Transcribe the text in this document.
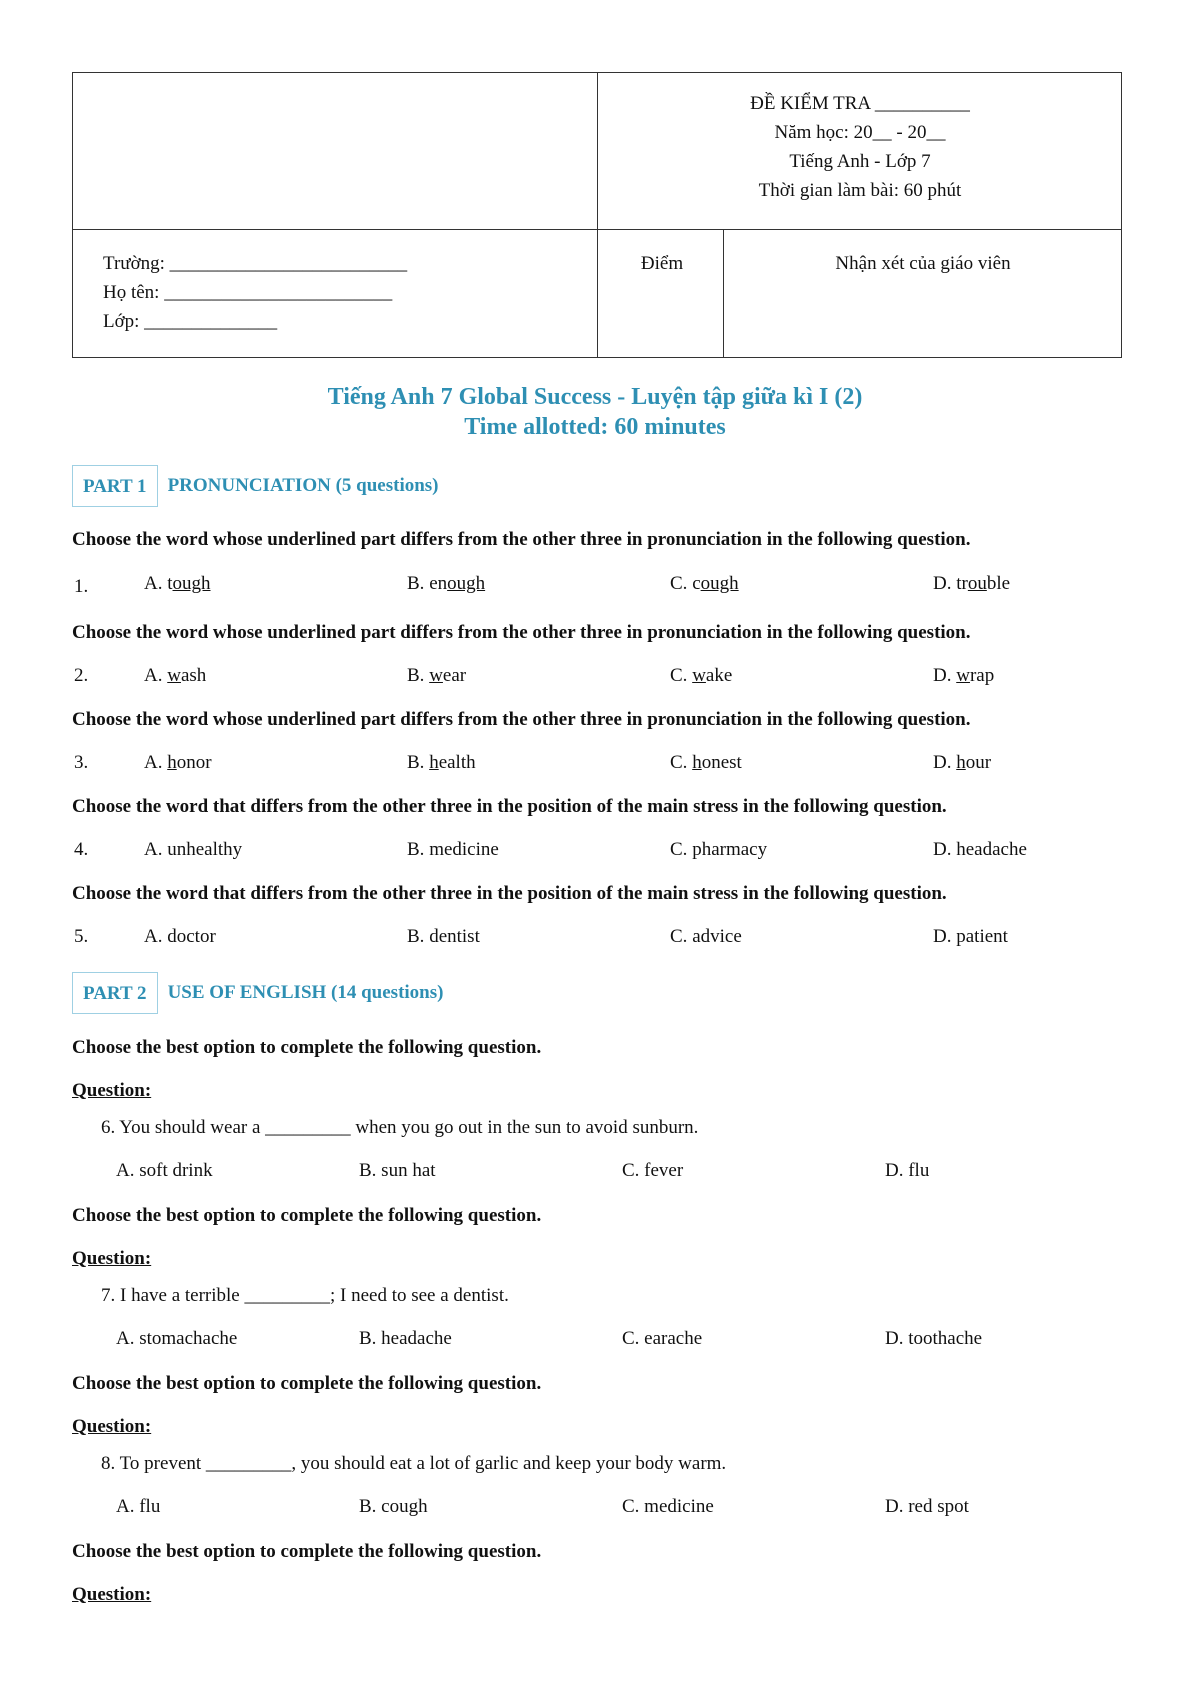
ĐỀ KIỂM TRA __________
Năm học: 20__ - 20__
Tiếng Anh - Lớp 7
Thời gian làm bài: 60 phút
Trường: _________________________
Họ tên: ________________________
Lớp: ______________
Điểm	Nhận xét của giáo viên
Tiếng Anh 7 Global Success - Luyện tập giữa kì I (2)
Time allotted: 60 minutes
PART 1	PRONUNCIATION (5 questions)
Choose the word whose underlined part differs from the other three in pronunciation in the following question.
1.	A. tough	B. enough	C. cough	D. trouble
Choose the word whose underlined part differs from the other three in pronunciation in the following question.
2.	A. wash	B. wear	C. wake	D. wrap
Choose the word whose underlined part differs from the other three in pronunciation in the following question.
3.	A. honor	B. health	C. honest	D. hour
Choose the word that differs from the other three in the position of the main stress in the following question.
4.	A. unhealthy	B. medicine	C. pharmacy	D. headache
Choose the word that differs from the other three in the position of the main stress in the following question.
5.	A. doctor	B. dentist	C. advice	D. patient
PART 2	USE OF ENGLISH (14 questions)
Choose the best option to complete the following question.
Question:
6. You should wear a _________ when you go out in the sun to avoid sunburn.
A. soft drink	B. sun hat	C. fever	D. flu
Choose the best option to complete the following question.
Question:
7. I have a terrible _________; I need to see a dentist.
A. stomachache	B. headache	C. earache	D. toothache
Choose the best option to complete the following question.
Question:
8. To prevent _________, you should eat a lot of garlic and keep your body warm.
A. flu	B. cough	C. medicine	D. red spot
Choose the best option to complete the following question.
Question:
